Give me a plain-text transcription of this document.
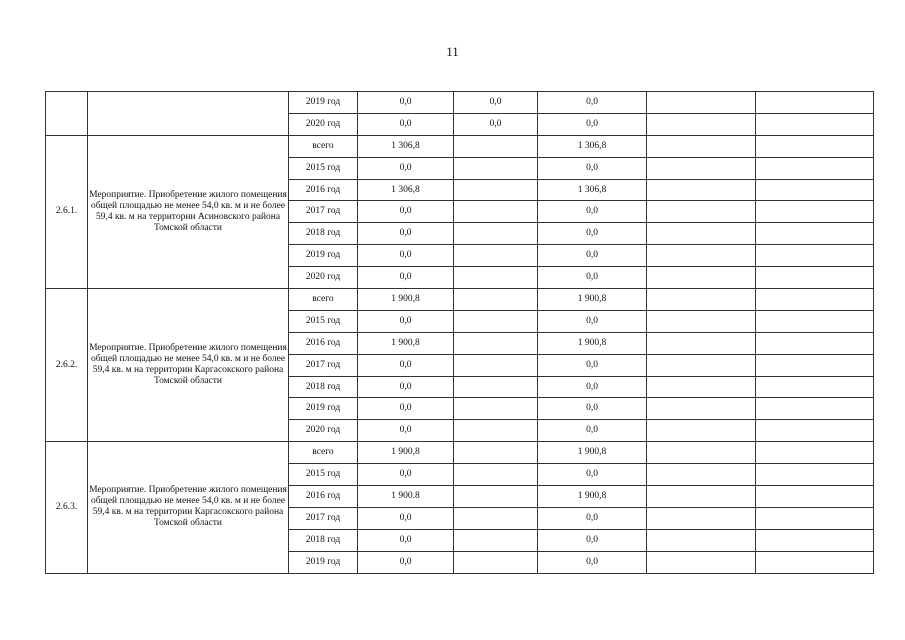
11
		2019 год	0,0	0,0	0,0		
		2020 год	0,0	0,0	0,0		
2.6.1.	Мероприятие. Приобретение жилого помещения общей площадью не менее 54,0 кв. м и не более 59,4 кв. м на территории Асиновского района Томской области	всего	1 306,8		1 306,8		
		2015 год	0,0		0,0		
		2016 год	1 306,8		1 306,8		
		2017 год	0,0		0,0		
		2018 год	0,0		0,0		
		2019 год	0,0		0,0		
		2020 год	0,0		0,0		
2.6.2.	Мероприятие. Приобретение жилого помещения общей площадью не менее 54,0 кв. м и не более 59,4 кв. м на территории Каргасокского района Томской области	всего	1 900,8		1 900,8		
		2015 год	0,0		0,0		
		2016 год	1 900,8		1 900,8		
		2017 год	0,0		0,0		
		2018 год	0,0		0,0		
		2019 год	0,0		0,0		
		2020 год	0,0		0,0		
2.6.3.	Мероприятие. Приобретение жилого помещения общей площадью не менее 54,0 кв. м и не более 59,4 кв. м на территории Каргасокского района Томской области	всего	1 900,8		1 900,8		
		2015 год	0,0		0,0		
		2016 год	1 900.8		1 900,8		
		2017 год	0,0		0,0		
		2018 год	0,0		0,0		
		2019 год	0,0		0,0		
